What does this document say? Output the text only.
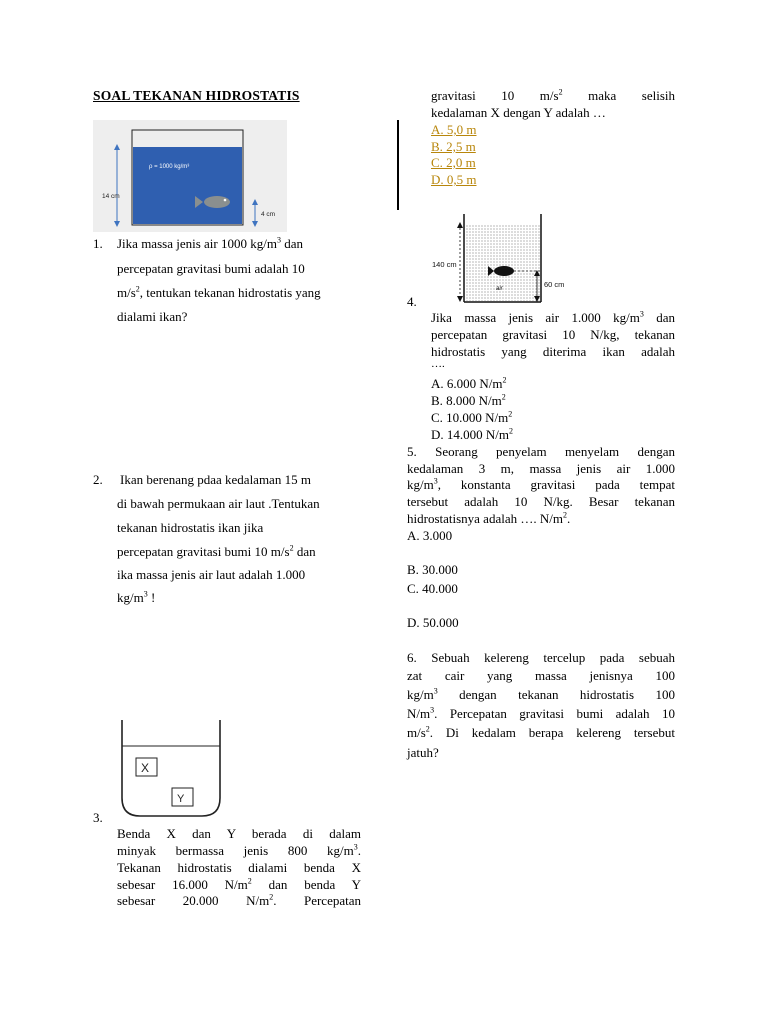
SOAL TEKANAN HIDROSTATIS
ρ = 1000 kg/m³
14 cm
4 cm
1. Jika massa jenis air 1000 $kg/m^3$ dan
percepatan gravitasi bumi adalah 10
$m/s^2$, tentukan tekanan hidrostatis yang
dialami ikan?
2. Ikan berenang pdaa kedalaman 15 m
di bawah permukaan air laut .Tentukan
tekanan hidrostatis ikan jika
percepatan gravitasi bumi 10 $m/s^2$ dan
ika massa jenis air laut adalah 1.000
$kg/m^3$ !
X
Y
3.
Benda X dan Y berada di dalam
minyak bermassa jenis 800 $kg/m^3$.
Tekanan hidrostatis dialami benda X
sebesar 16.000 $N/m^2$ dan benda Y
sebesar 20.000 $N/m^2$. Percepatan
gravitasi 10 $m/s^2$ maka selisih
kedalaman X dengan Y adalah …
A. 5,0 m
B. 2,5 m
C. 2,0 m
D. 0,5 m
140 cm
air	60 cm
4.
Jika massa jenis air 1.000 $kg/m^3$ dan
percepatan gravitasi 10 N/kg, tekanan
hidrostatis yang diterima ikan adalah
….
A. 6.000 $N/m^2$
B. 8.000 $N/m^2$
C. 10.000 $N/m^2$
D. 14.000 $N/m^2$
5. Seorang penyelam menyelam dengan
kedalaman 3 m, massa jenis air 1.000
$kg/m^3$, konstanta gravitasi pada tempat
tersebut adalah 10 N/kg. Besar tekanan
hidrostatisnya adalah …. $N/m^2$.
A. 3.000
B. 30.000
C. 40.000
D. 50.000
6. Sebuah kelereng tercelup pada sebuah
zat cair yang massa jenisnya 100
$kg/m^3$ dengan tekanan hidrostatis 100
$N/m^3$. Percepatan gravitasi bumi adalah 10
$m/s^2$. Di kedalam berapa kelereng tersebut
jatuh?
